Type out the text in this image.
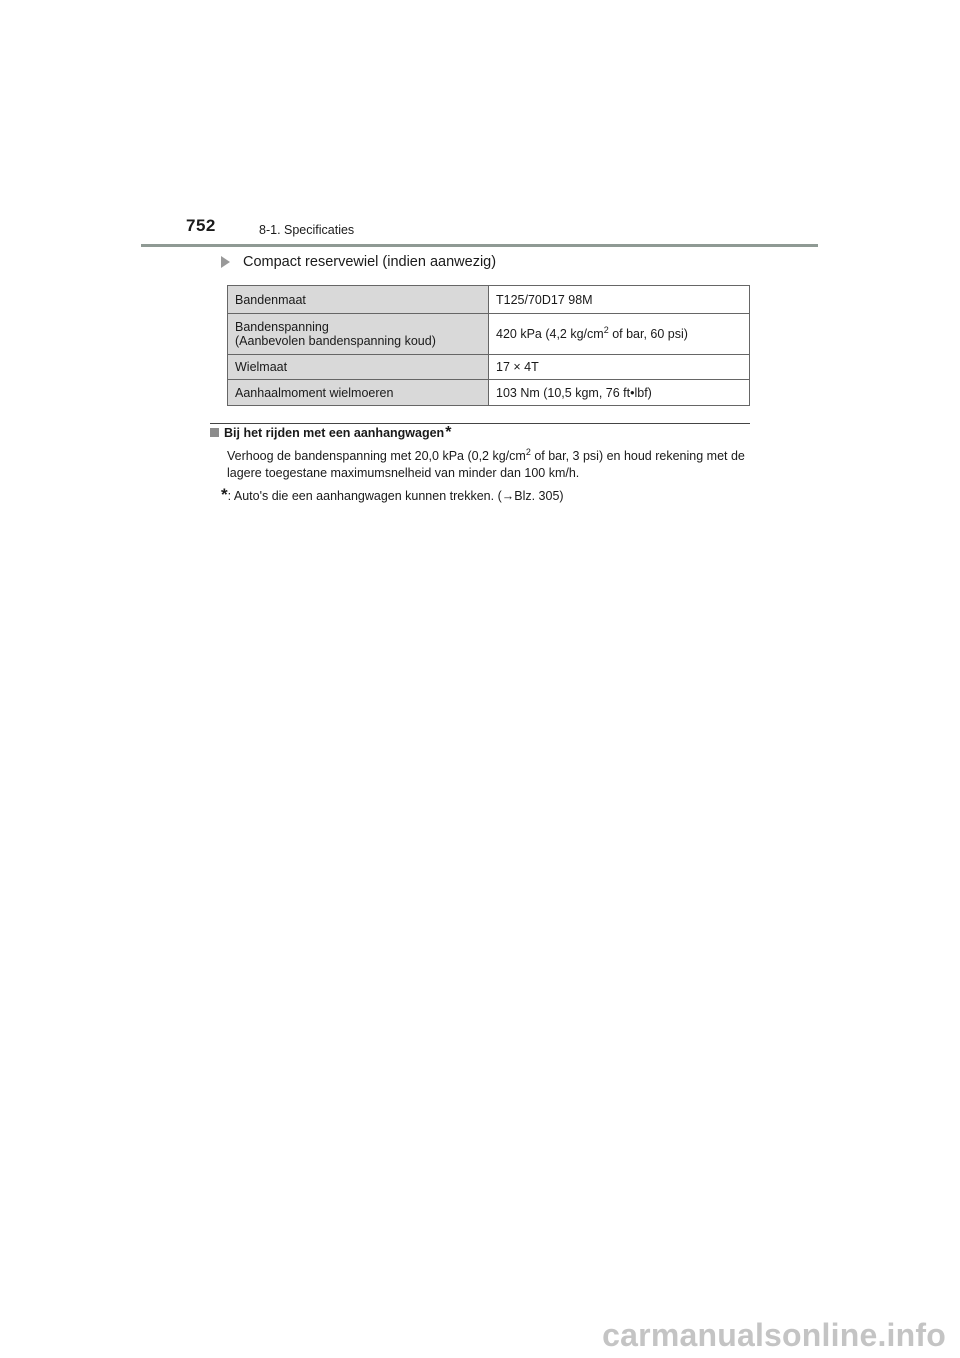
752	8-1. Specificaties
Compact reservewiel (indien aanwezig)
Bandenmaat	T125/70D17 98M
Bandenspanning
(Aanbevolen bandenspanning koud)	420 kPa (4,2 $kg/cm^2$ of bar, 60 psi)
Wielmaat	17 × 4T
Aanhaalmoment wielmoeren	103 Nm (10,5 kgm, 76 ft•lbf)
Bij het rijden met een aanhangwagen *
Verhoog de bandenspanning met 20,0 kPa (0,2 $kg/cm^2$ of bar, 3 psi) en houd rekening met de lagere toegestane maximumsnelheid van minder dan 100 km/h.
*: Auto's die een aanhangwagen kunnen trekken. (→Blz. 305)
carmanualsonline.info
